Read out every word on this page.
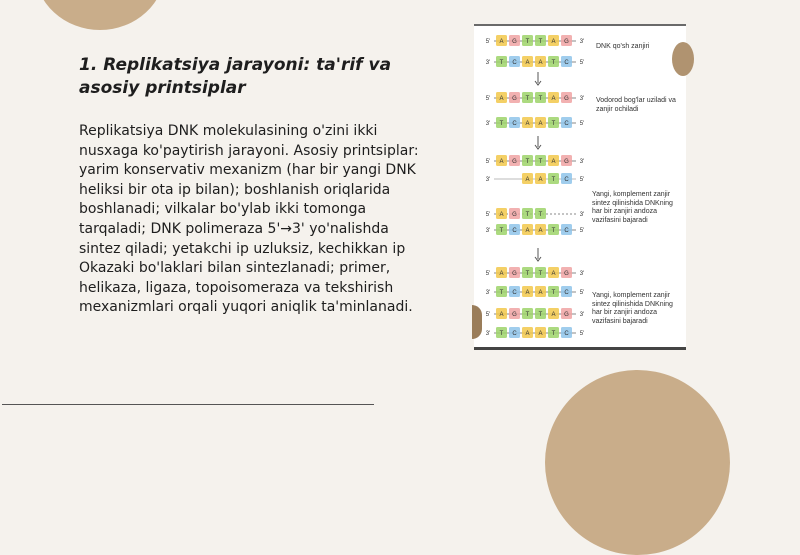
1. Replikatsiya jarayoni: ta'rif va asosiy printsiplar

Replikatsiya DNK molekulasining o'zini ikki nusxaga ko'paytirish jarayoni. Asosiy printsiplar: yarim konservativ mexanizm (har bir yangi DNK heliksi bir ota ip bilan); boshlanish oriqlarida boshlanadi; vilkalar bo'ylab ikki tomonga tarqaladi; DNK polimeraza 5'→3' yo'nalishda sintez qiladi; yetakchi ip uzluksiz, kechikkan ip Okazaki bo'laklari bilan sintezlanadi; primer, helikaza, ligaza, topoisomeraza va tekshirish mexanizmlari orqali yuqori aniqlik ta'minlanadi.

5' A G T T A G 3'
3' T C A A T C 5'
5' A G T T A G 3'
3' T C A A T C 5'
5' A G T T A G 3'
3'	A A T C 5'
5' A G T T	3'
3' T C A A T C 5'
5' A G T T A G 3'
3' T C A A T C 5'
5' A G T T A G 3'
3' T C A A T C 5'
DNK qo'sh zanjiri
Vodorod bog'lar uziladi va zanjir ochiladi
Yangi, komplement zanjir sintez qilinishida DNKning har bir zanjiri andoza vazifasini bajaradi
Yangi, komplement zanjir sintez qilinishida DNKning har bir zanjiri andoza vazifasini bajaradi
